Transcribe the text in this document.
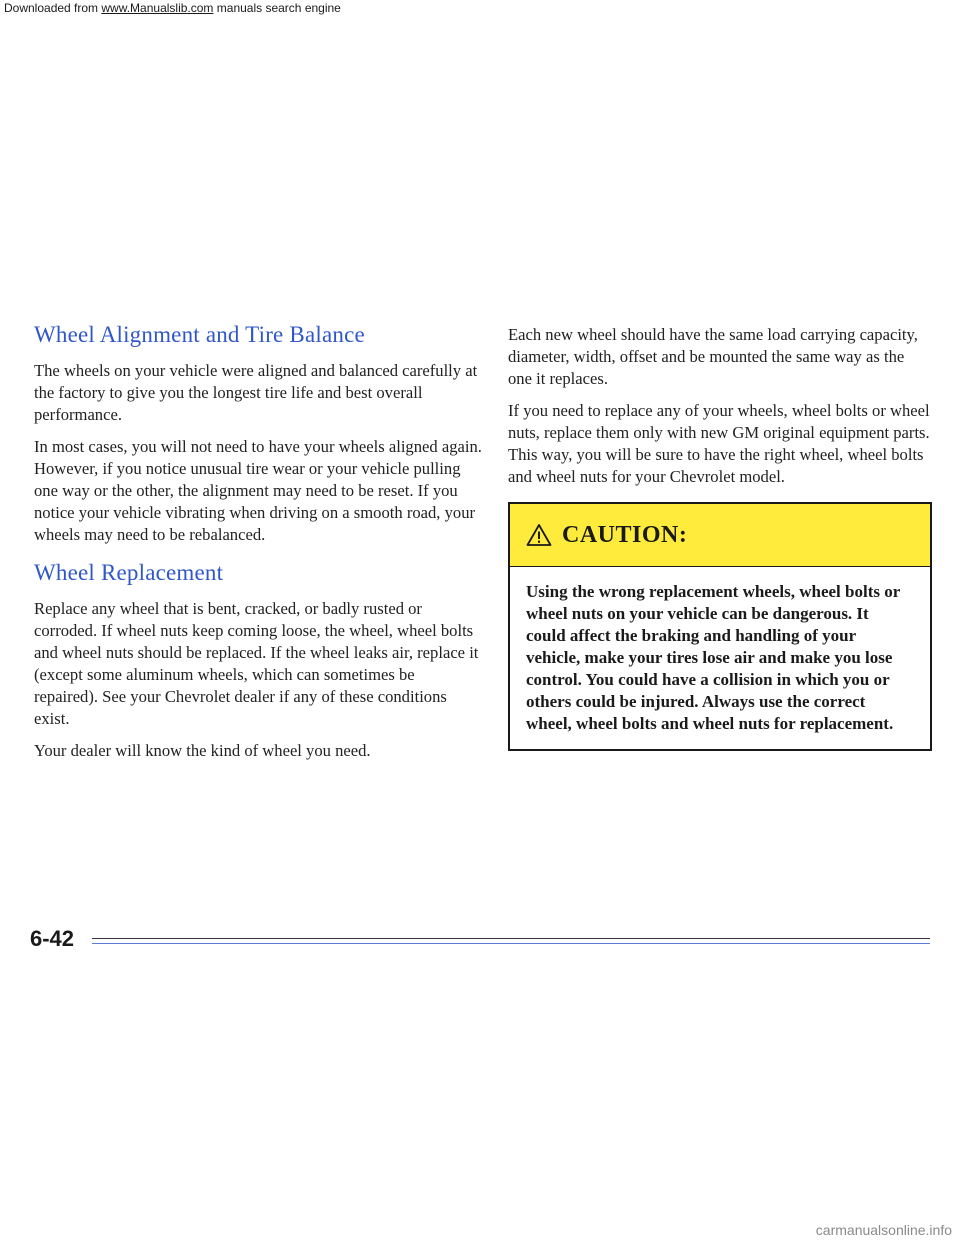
Downloaded from www.Manualslib.com manuals search engine
Wheel Alignment and Tire Balance

The wheels on your vehicle were aligned and balanced carefully at the factory to give you the longest tire life and best overall performance.

In most cases, you will not need to have your wheels aligned again. However, if you notice unusual tire wear or your vehicle pulling one way or the other, the alignment may need to be reset. If you notice your vehicle vibrating when driving on a smooth road, your wheels may need to be rebalanced.

Wheel Replacement

Replace any wheel that is bent, cracked, or badly rusted or corroded. If wheel nuts keep coming loose, the wheel, wheel bolts and wheel nuts should be replaced. If the wheel leaks air, replace it (except some aluminum wheels, which can sometimes be repaired). See your Chevrolet dealer if any of these conditions exist.

Your dealer will know the kind of wheel you need.

Each new wheel should have the same load carrying capacity, diameter, width, offset and be mounted the same way as the one it replaces.

If you need to replace any of your wheels, wheel bolts or wheel nuts, replace them only with new GM original equipment parts. This way, you will be sure to have the right wheel, wheel bolts and wheel nuts for your Chevrolet model.

CAUTION:
Using the wrong replacement wheels, wheel bolts or wheel nuts on your vehicle can be dangerous. It could affect the braking and handling of your vehicle, make your tires lose air and make you lose control. You could have a collision in which you or others could be injured. Always use the correct wheel, wheel bolts and wheel nuts for replacement.
6-42
carmanualsonline.info
